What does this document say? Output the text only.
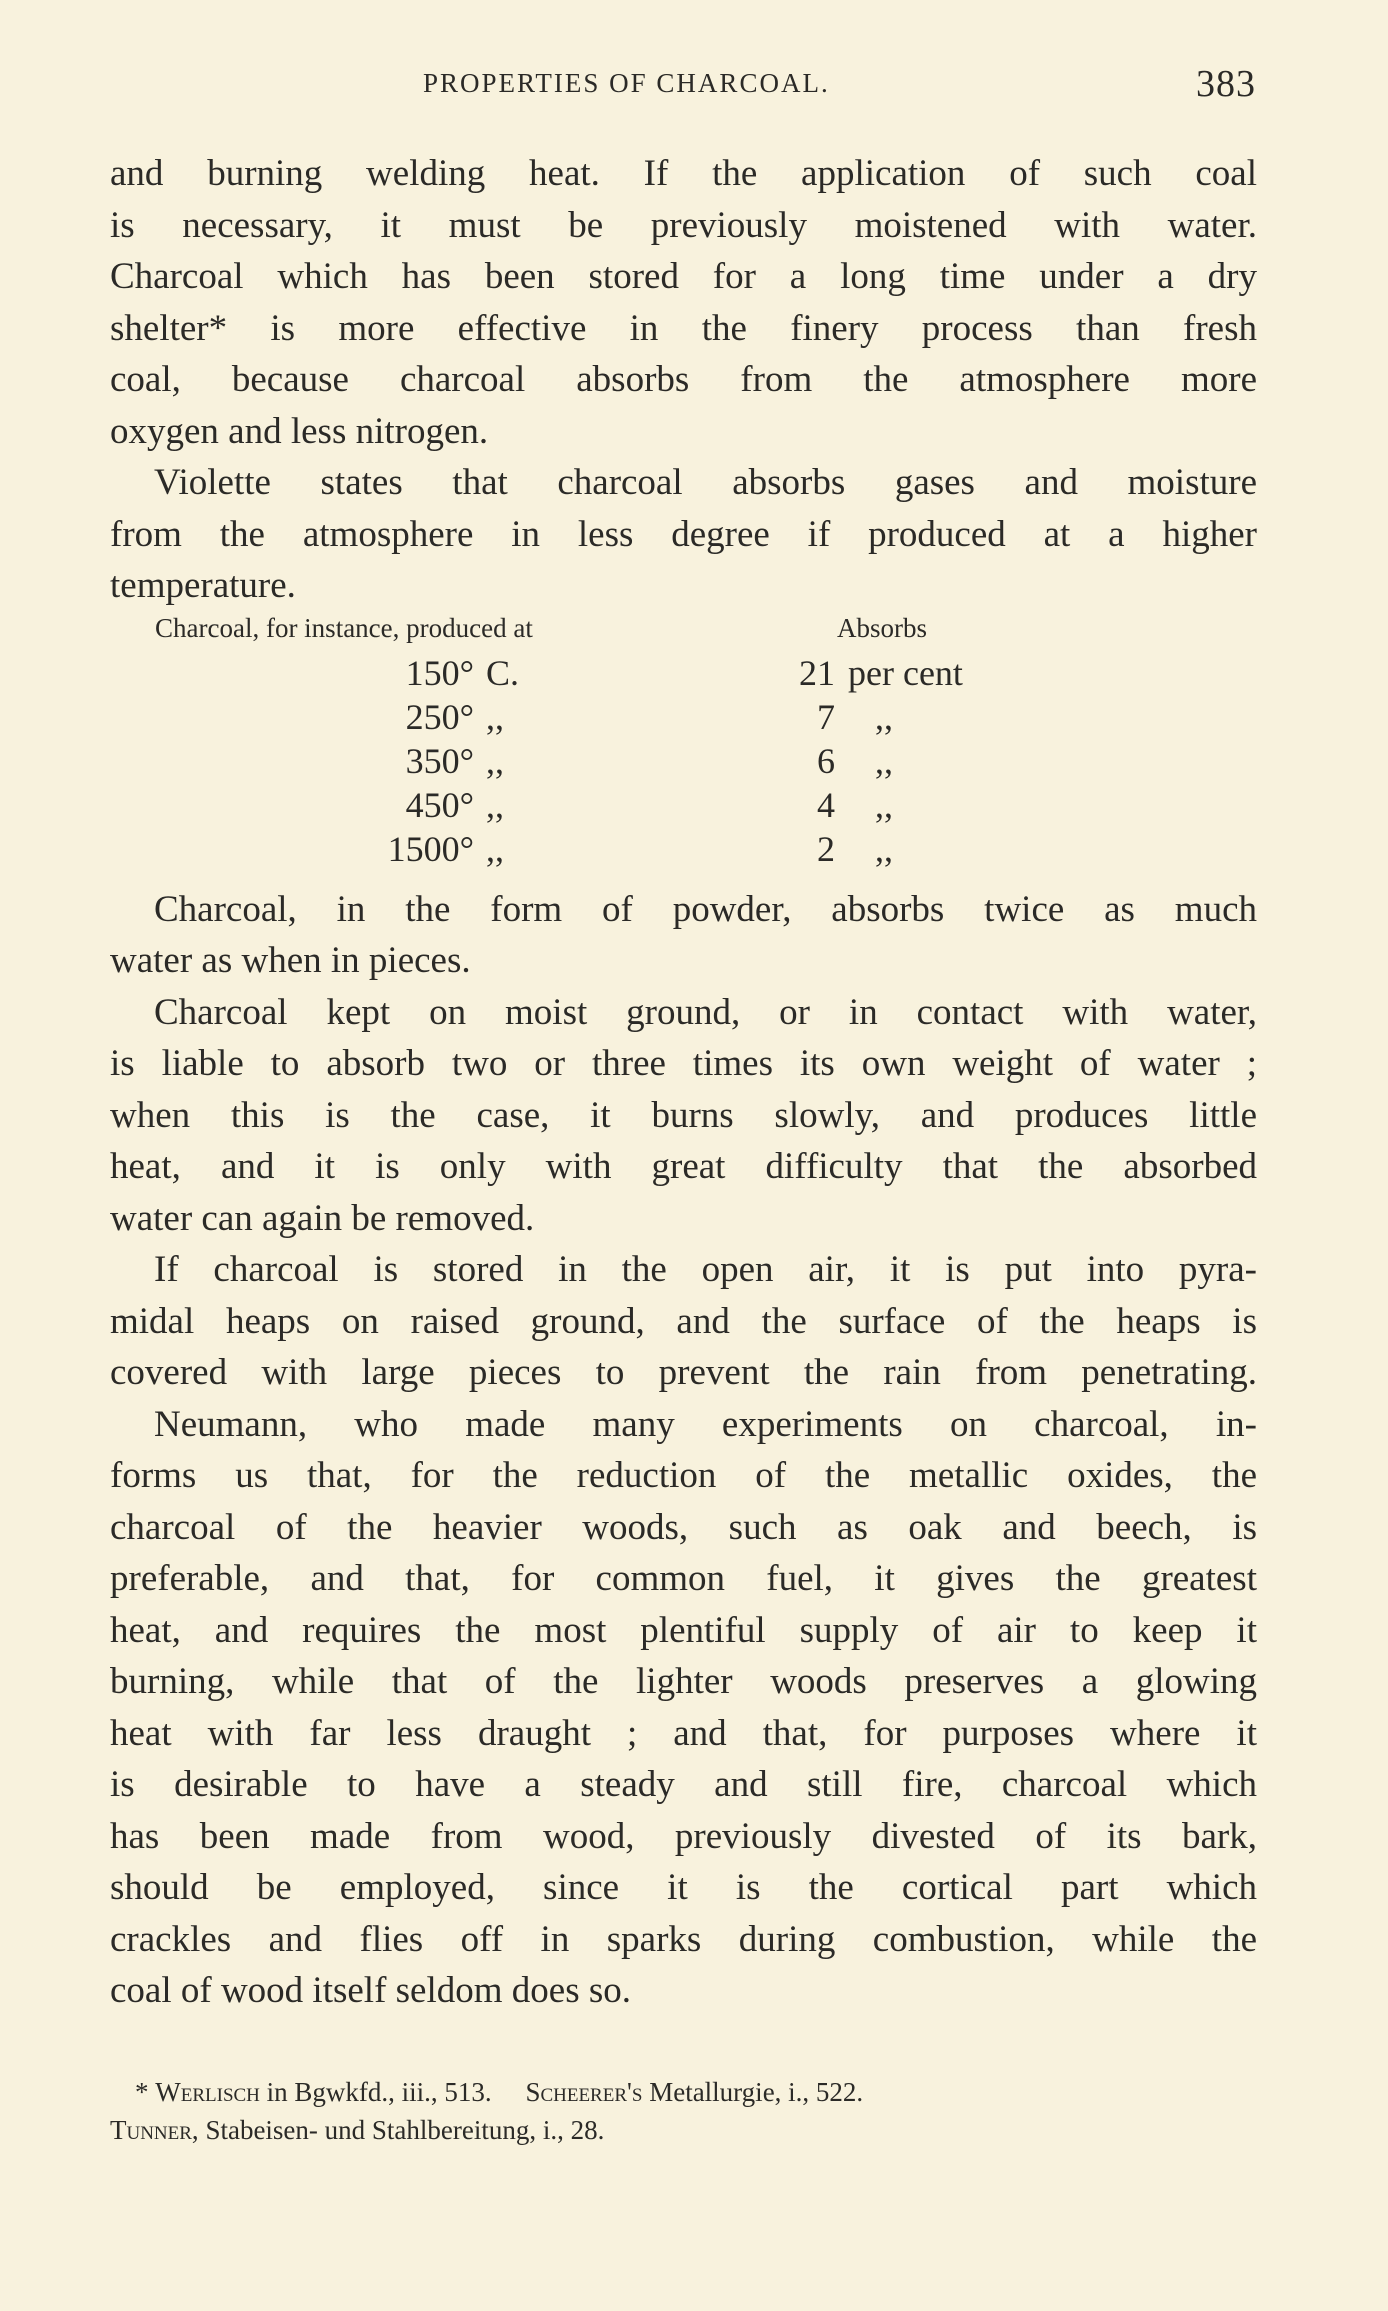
PROPERTIES OF CHARCOAL.	383
and burning welding heat. If the application of such coal
is necessary, it must be previously moistened with water.
Charcoal which has been stored for a long time under a dry
shelter* is more effective in the finery process than fresh
coal, because charcoal absorbs from the atmosphere more
oxygen and less nitrogen.
Violette states that charcoal absorbs gases and moisture
from the atmosphere in less degree if produced at a higher
temperature.
Charcoal, for instance, produced at	Absorbs
150° C.	21 per cent
250° ,,	7 ,,
350° ,,	6 ,,
450° ,,	4 ,,
1500° ,,	2 ,,
Charcoal, in the form of powder, absorbs twice as much
water as when in pieces.
Charcoal kept on moist ground, or in contact with water,
is liable to absorb two or three times its own weight of water ;
when this is the case, it burns slowly, and produces little
heat, and it is only with great difficulty that the absorbed
water can again be removed.
If charcoal is stored in the open air, it is put into pyra-
midal heaps on raised ground, and the surface of the heaps is
covered with large pieces to prevent the rain from penetrating.
Neumann, who made many experiments on charcoal, in-
forms us that, for the reduction of the metallic oxides, the
charcoal of the heavier woods, such as oak and beech, is
preferable, and that, for common fuel, it gives the greatest
heat, and requires the most plentiful supply of air to keep it
burning, while that of the lighter woods preserves a glowing
heat with far less draught ; and that, for purposes where it
is desirable to have a steady and still fire, charcoal which
has been made from wood, previously divested of its bark,
should be employed, since it is the cortical part which
crackles and flies off in sparks during combustion, while the
coal of wood itself seldom does so.
* Werlisch in Bgwkfd., iii., 513. Scheerer's Metallurgie, i., 522.
Tunner, Stabeisen- und Stahlbereitung, i., 28.
